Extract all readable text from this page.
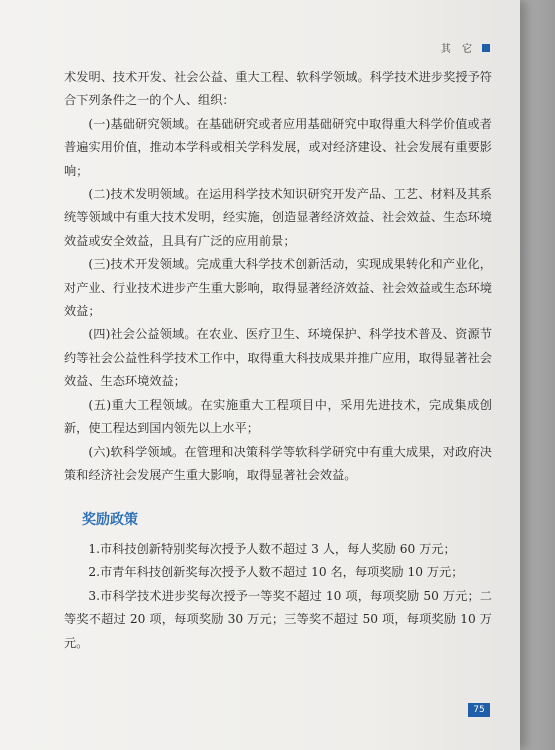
其 它

术发明、技术开发、社会公益、重大工程、软科学领域。科学技术进步奖授予符合下列条件之一的个人、组织：

(一)基础研究领域。在基础研究或者应用基础研究中取得重大科学价值或者普遍实用价值，推动本学科或相关学科发展，或对经济建设、社会发展有重要影响；

(二)技术发明领域。在运用科学技术知识研究开发产品、工艺、材料及其系统等领域中有重大技术发明，经实施，创造显著经济效益、社会效益、生态环境效益或安全效益，且具有广泛的应用前景；

(三)技术开发领域。完成重大科学技术创新活动，实现成果转化和产业化，对产业、行业技术进步产生重大影响，取得显著经济效益、社会效益或生态环境效益；

(四)社会公益领域。在农业、医疗卫生、环境保护、科学技术普及、资源节约等社会公益性科学技术工作中，取得重大科技成果并推广应用，取得显著社会效益、生态环境效益；

(五)重大工程领域。在实施重大工程项目中，采用先进技术，完成集成创新，使工程达到国内领先以上水平；

(六)软科学领域。在管理和决策科学等软科学研究中有重大成果，对政府决策和经济社会发展产生重大影响，取得显著社会效益。

奖励政策

1.市科技创新特别奖每次授予人数不超过 3 人，每人奖励 60 万元；

2.市青年科技创新奖每次授予人数不超过 10 名，每项奖励 10 万元；

3.市科学技术进步奖每次授予一等奖不超过 10 项，每项奖励 50 万元；二等奖不超过 20 项，每项奖励 30 万元；三等奖不超过 50 项，每项奖励 10 万元。

75
